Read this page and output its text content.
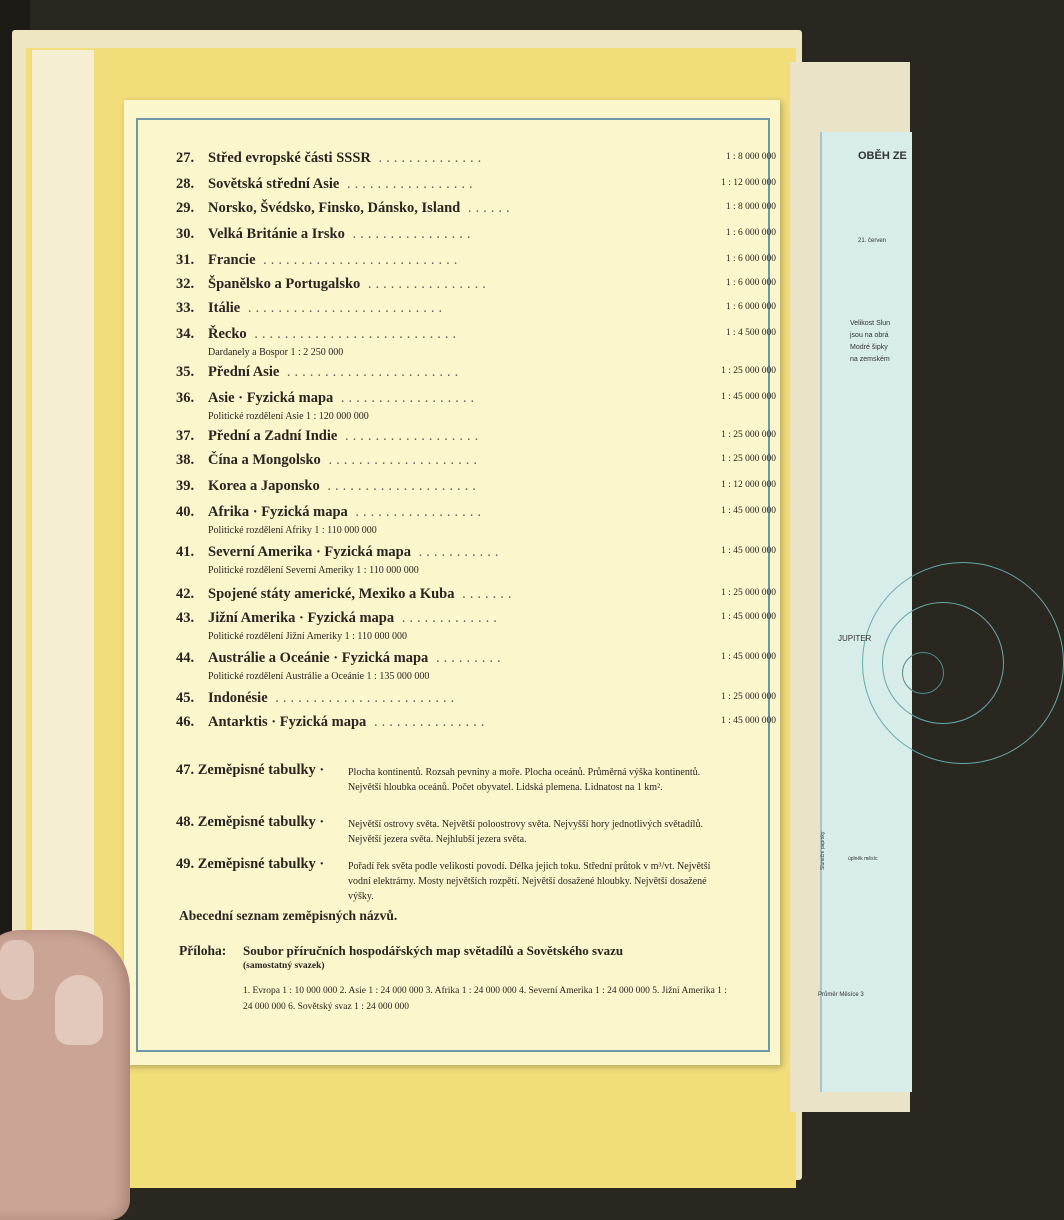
OBĚH ZE
21. červen
Velikost Slun
jsou na obrá
Modré šipky
na zemském
JUPITER
Sluneční paprsky	úplněk měsíc
Průměr Měsíce 3
27. Střed evropské části SSSR ..............	1 : 8 000 000
28. Sovětská střední Asie .................	1 : 12 000 000
29. Norsko, Švédsko, Finsko, Dánsko, Island ......	1 : 8 000 000
30. Velká Británie a Irsko ................	1 : 6 000 000
31. Francie ..........................	1 : 6 000 000
32. Španělsko a Portugalsko ................	1 : 6 000 000
33. Itálie ..........................	1 : 6 000 000
34. Řecko ...........................	1 : 4 500 000
Dardanely a Bospor 1 : 2 250 000
35. Přední Asie .......................	1 : 25 000 000
36. Asie · Fyzická mapa ..................	1 : 45 000 000
Politické rozdělení Asie 1 : 120 000 000
37. Přední a Zadní Indie ..................	1 : 25 000 000
38. Čína a Mongolsko ....................	1 : 25 000 000
39. Korea a Japonsko ....................	1 : 12 000 000
40. Afrika · Fyzická mapa .................	1 : 45 000 000
Politické rozdělení Afriky 1 : 110 000 000
41. Severní Amerika · Fyzická mapa ...........	1 : 45 000 000
Politické rozdělení Severní Ameriky 1 : 110 000 000
42. Spojené státy americké, Mexiko a Kuba .......	1 : 25 000 000
43. Jižní Amerika · Fyzická mapa .............	1 : 45 000 000
Politické rozdělení Jižní Ameriky 1 : 110 000 000
44. Austrálie a Oceánie · Fyzická mapa .........	1 : 45 000 000
Politické rozdělení Austrálie a Oceánie 1 : 135 000 000
45. Indonésie ........................	1 : 25 000 000
46. Antarktis · Fyzická mapa ...............	1 : 45 000 000
47. Zeměpisné tabulky · Plocha kontinentů. Rozsah pevniny a moře. Plocha oceánů. Průměrná výška kontinentů. Největší hloubka oceánů. Počet obyvatel. Lidská plemena. Lidnatost na 1 km².
48. Zeměpisné tabulky · Největší ostrovy světa. Největší poloostrovy světa. Nejvyšší hory jednotlivých světadílů. Největší jezera světa. Nejhlubší jezera světa.
49. Zeměpisné tabulky · Pořadí řek světa podle velikosti povodí. Délka jejich toku. Střední průtok v m³/vt. Největší vodní elektrárny. Mosty největších rozpětí. Největší dosažené hloubky. Největší dosažené výšky.
Abecední seznam zeměpisných názvů.
Příloha: Soubor příručních hospodářských map světadílů a Sovětského svazu
(samostatný svazek)
1. Evropa 1 : 10 000 000 2. Asie 1 : 24 000 000 3. Afrika 1 : 24 000 000 4. Severní Amerika 1 : 24 000 000 5. Jižní Amerika 1 : 24 000 000 6. Sovětský svaz 1 : 24 000 000
